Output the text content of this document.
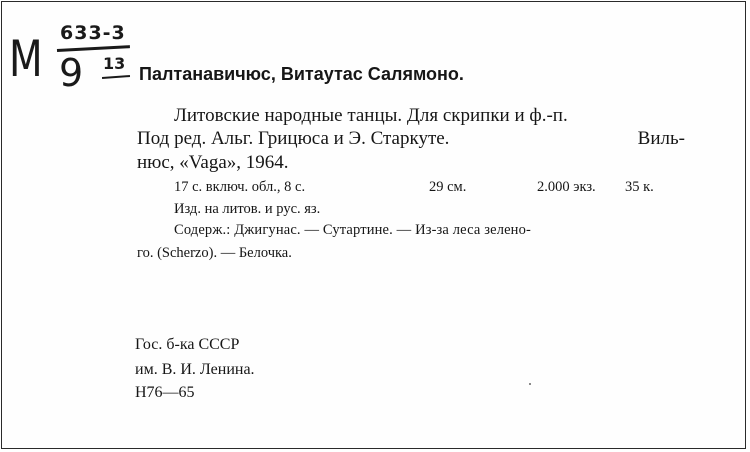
M 633-3
9 13
Палтанавичюс, Витаутас Салямоно.
Литовские народные танцы. Для скрипки и ф.-п.
Под ред. Альг. Грицюса и Э. Старкуте.	Виль-
нюс, «Vaga», 1964.
17 с. включ. обл., 8 с.	29 см.	2.000 экз. 35 к.
Изд. на литов. и рус. яз.
Содерж.: Джигунас. — Сутартине. — Из-за леса зелено-
го. (Scherzo). — Белочка.
Гос. б-ка СССР
им. В. И. Ленина.
Н76—65
